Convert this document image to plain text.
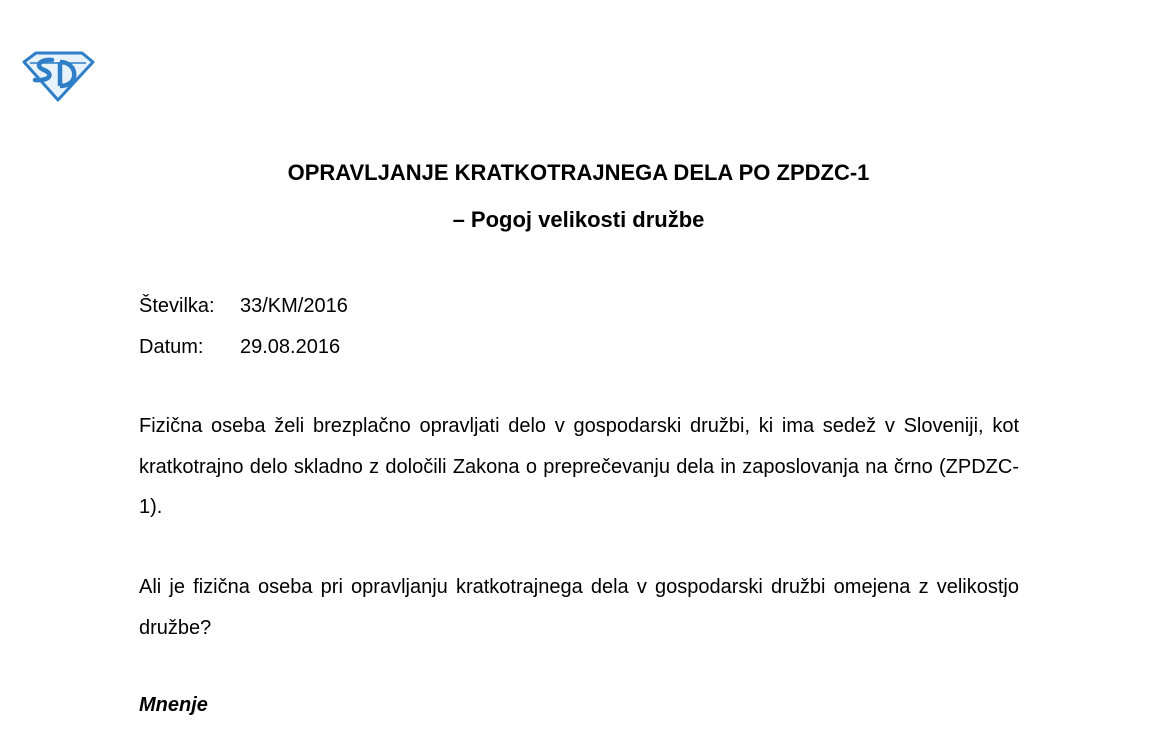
OPRAVLJANJE KRATKOTRAJNEGA DELA PO ZPDZC-1
– Pogoj velikosti družbe
Številka: 33/KM/2016
Datum: 29.08.2016

Fizična oseba želi brezplačno opravljati delo v gospodarski družbi, ki ima sedež v Sloveniji, kot kratkotrajno delo skladno z določili Zakona o preprečevanju dela in zaposlovanja na črno (ZPDZC-1).

Ali je fizična oseba pri opravljanju kratkotrajnega dela v gospodarski družbi omejena z velikostjo družbe?

Mnenje
